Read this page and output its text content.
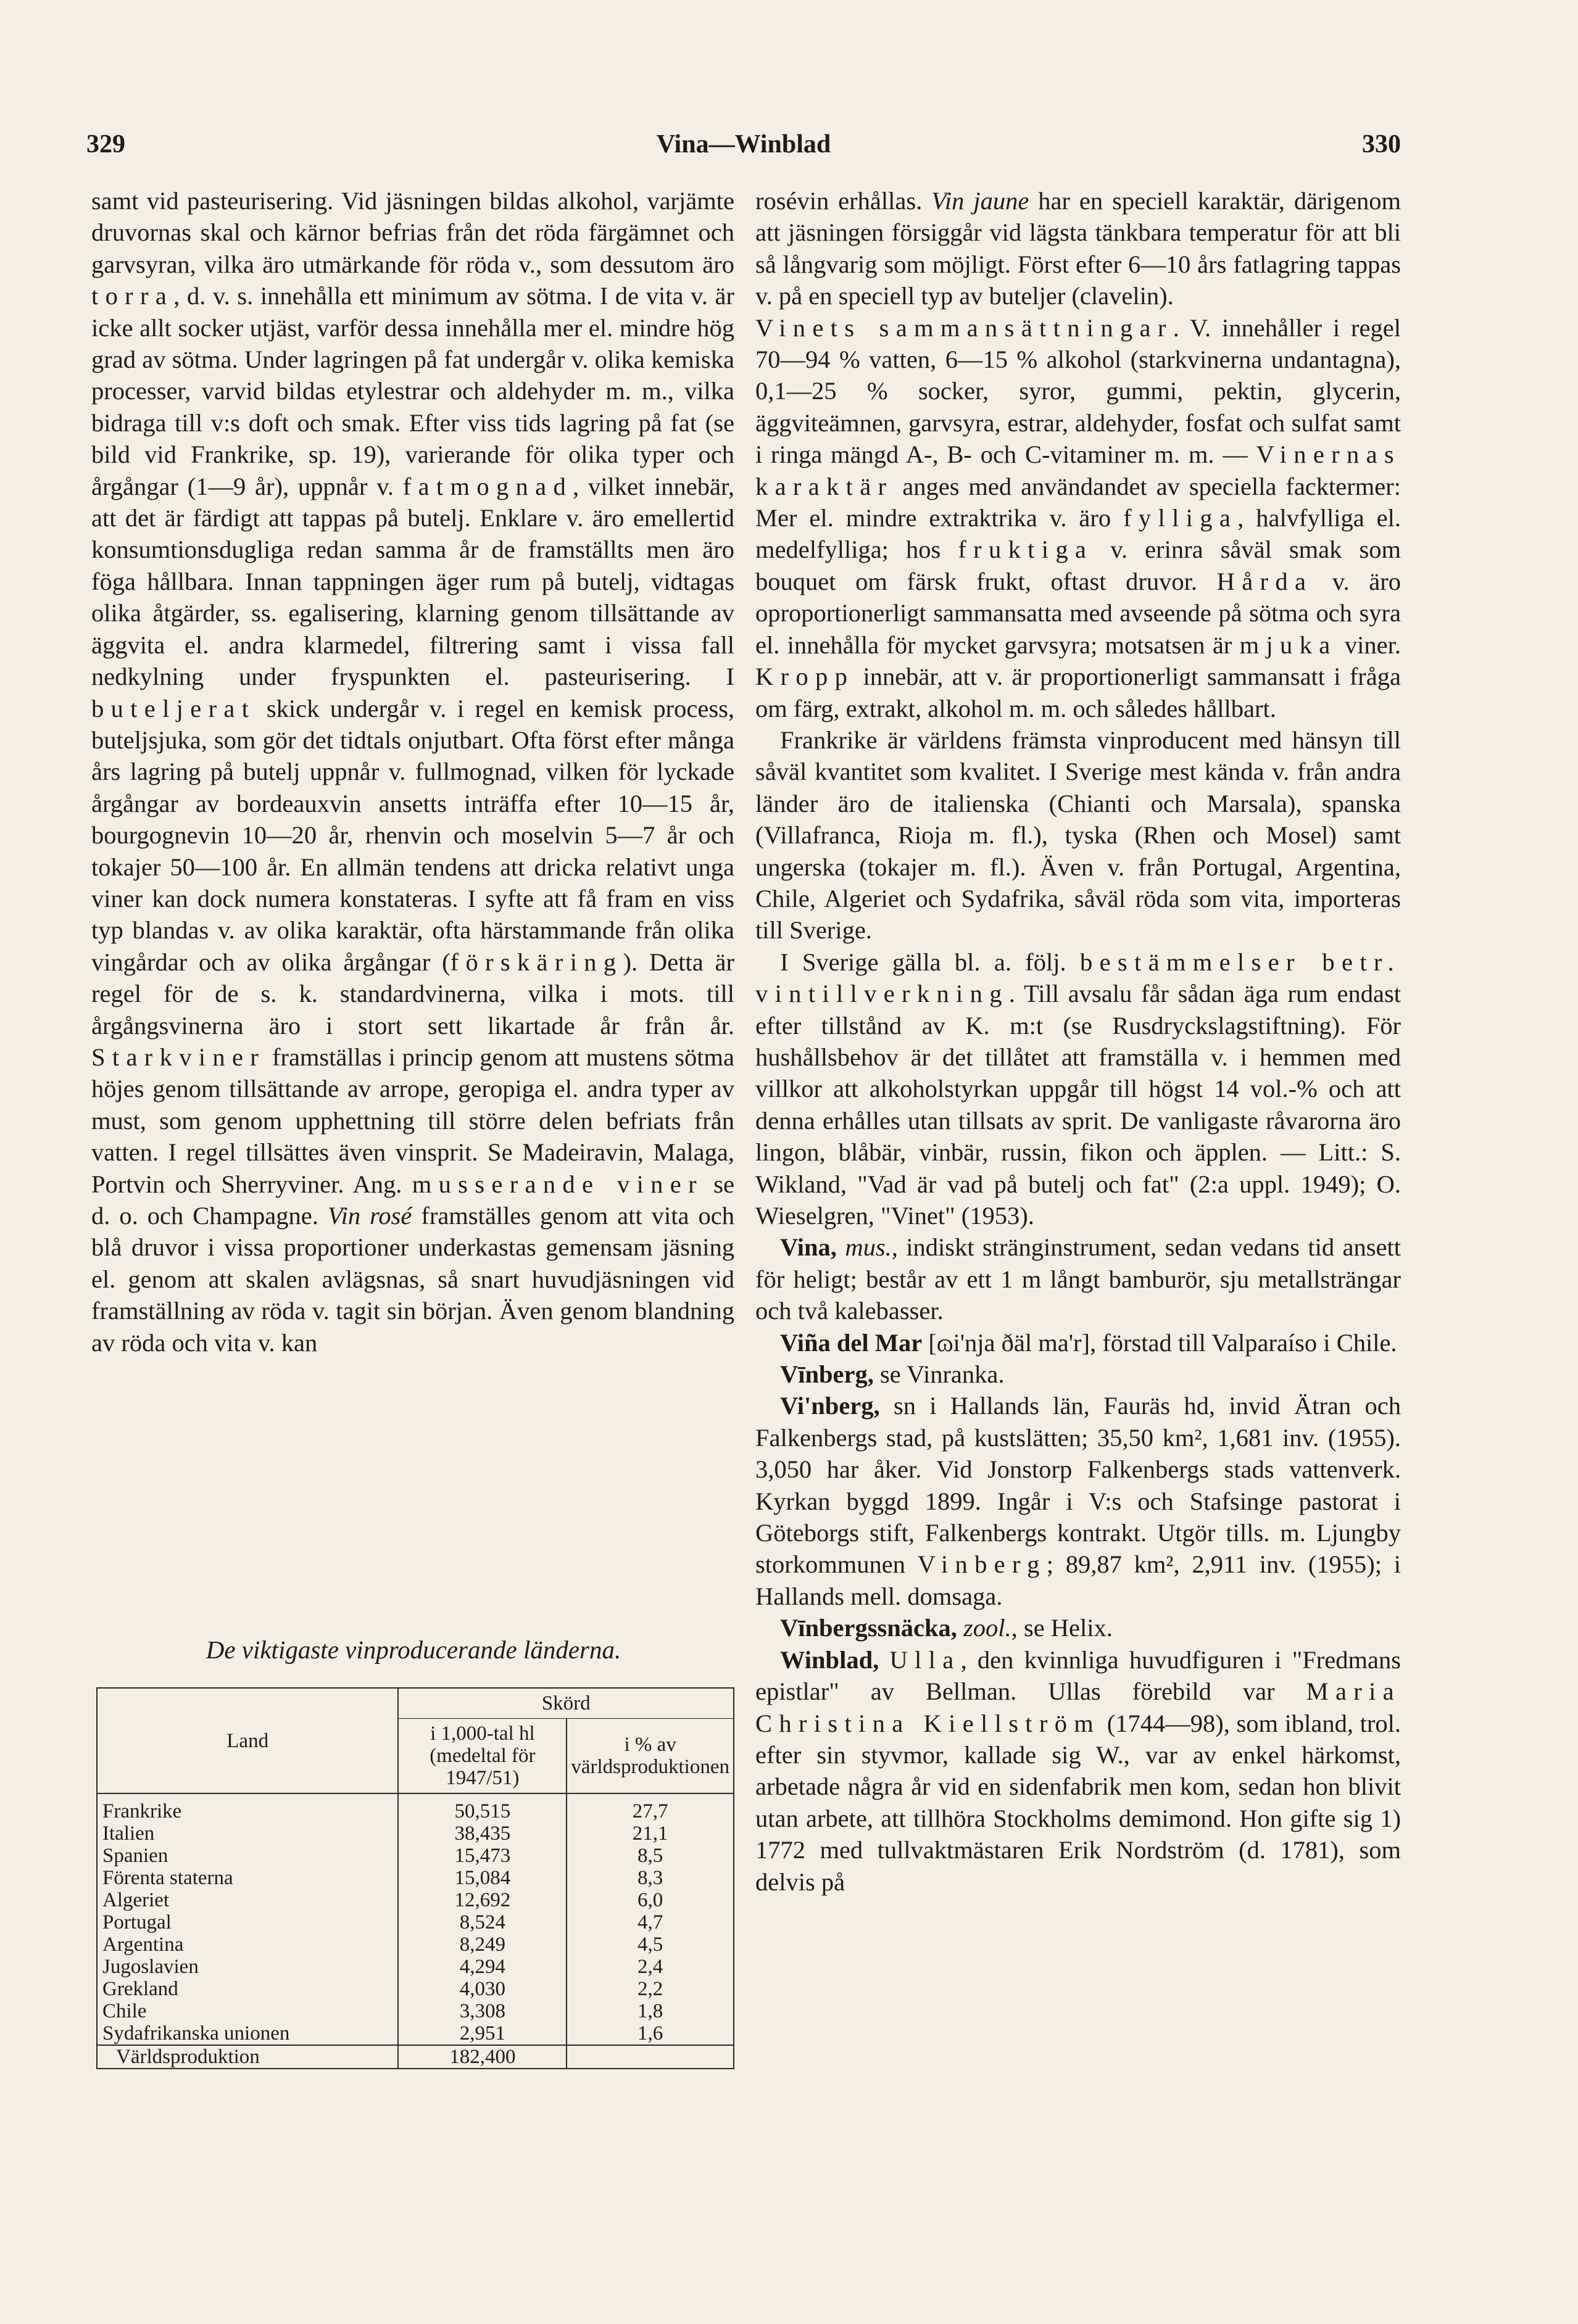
329	Vina—Winblad	330

samt vid pasteurisering. Vid jäsningen bildas alkohol, varjämte druvornas skal och kärnor befrias från det röda färgämnet och garvsyran, vilka äro utmärkande för röda v., som dessutom äro torra, d. v. s. innehålla ett minimum av sötma. I de vita v. är icke allt socker utjäst, varför dessa innehålla mer el. mindre hög grad av sötma. Under lagringen på fat undergår v. olika kemiska processer, varvid bildas etylestrar och aldehyder m. m., vilka bidraga till v:s doft och smak. Efter viss tids lagring på fat (se bild vid Frankrike, sp. 19), varierande för olika typer och årgångar (1—9 år), uppnår v. fatmognad, vilket innebär, att det är färdigt att tappas på butelj. Enklare v. äro emellertid konsumtionsdugliga redan samma år de framställts men äro föga hållbara. Innan tappningen äger rum på butelj, vidtagas olika åtgärder, ss. egalisering, klarning genom tillsättande av äggvita el. andra klarmedel, filtrering samt i vissa fall nedkylning under fryspunkten el. pasteurisering. I buteljerat skick undergår v. i regel en kemisk process, buteljsjuka, som gör det tidtals onjutbart. Ofta först efter många års lagring på butelj uppnår v. fullmognad, vilken för lyckade årgångar av bordeauxvin ansetts inträffa efter 10—15 år, bourgognevin 10—20 år, rhenvin och moselvin 5—7 år och tokajer 50—100 år. En allmän tendens att dricka relativt unga viner kan dock numera konstateras. I syfte att få fram en viss typ blandas v. av olika karaktär, ofta härstammande från olika vingårdar och av olika årgångar (förskäring). Detta är regel för de s. k. standardvinerna, vilka i mots. till årgångsvinerna äro i stort sett likartade år från år. Starkviner framställas i princip genom att mustens sötma höjes genom tillsättande av arrope, geropiga el. andra typer av must, som genom upphettning till större delen befriats från vatten. I regel tillsättes även vinsprit. Se Madeiravin, Malaga, Portvin och Sherryviner. Ang. musserande viner se d. o. och Champagne. Vin rosé framställes genom att vita och blå druvor i vissa proportioner underkastas gemensam jäsning el. genom att skalen avlägsnas, så snart huvudjäsningen vid framställning av röda v. tagit sin början. Även genom blandning av röda och vita v. kan

De viktigaste vinproducerande länderna.
Land	Skörd	
	i 1,000-tal hl (medeltal för 1947/51)	i % av världsproduktionen

Frankrike	50,515	27,7
Italien	38,435	21,1
Spanien	15,473	8,5
Förenta staterna	15,084	8,3
Algeriet	12,692	6,0
Portugal	8,524	4,7
Argentina	8,249	4,5
Jugoslavien	4,294	2,4
Grekland	4,030	2,2
Chile	3,308	1,8
Sydafrikanska unionen	2,951	1,6
Världsproduktion	182,400	

rosévin erhållas. Vin jaune har en speciell karaktär, därigenom att jäsningen försiggår vid lägsta tänkbara temperatur för att bli så långvarig som möjligt. Först efter 6—10 års fatlagring tappas v. på en speciell typ av buteljer (clavelin).

Vinets sammansättningar. V. innehåller i regel 70—94 % vatten, 6—15 % alkohol (starkvinerna undantagna), 0,1—25 % socker, syror, gummi, pektin, glycerin, äggviteämnen, garvsyra, estrar, aldehyder, fosfat och sulfat samt i ringa mängd A-, B- och C-vitaminer m. m. — Vinernas karaktär anges med användandet av speciella facktermer: Mer el. mindre extraktrika v. äro fylliga, halvfylliga el. medelfylliga; hos fruktiga v. erinra såväl smak som bouquet om färsk frukt, oftast druvor. Hårda v. äro oproportionerligt sammansatta med avseende på sötma och syra el. innehålla för mycket garvsyra; motsatsen är mjuka viner. Kropp innebär, att v. är proportionerligt sammansatt i fråga om färg, extrakt, alkohol m. m. och således hållbart.

Frankrike är världens främsta vinproducent med hänsyn till såväl kvantitet som kvalitet. I Sverige mest kända v. från andra länder äro de italienska (Chianti och Marsala), spanska (Villafranca, Rioja m. fl.), tyska (Rhen och Mosel) samt ungerska (tokajer m. fl.). Även v. från Portugal, Argentina, Chile, Algeriet och Sydafrika, såväl röda som vita, importeras till Sverige.

I Sverige gälla bl. a. följ. bestämmelser betr. vintillverkning. Till avsalu får sådan äga rum endast efter tillstånd av K. m:t (se Rusdryckslagstiftning). För hushållsbehov är det tillåtet att framställa v. i hemmen med villkor att alkoholstyrkan uppgår till högst 14 vol.-% och att denna erhålles utan tillsats av sprit. De vanligaste råvarorna äro lingon, blåbär, vinbär, russin, fikon och äpplen. — Litt.: S. Wikland, "Vad är vad på butelj och fat" (2:a uppl. 1949); O. Wieselgren, "Vinet" (1953).

Vina, mus., indiskt stränginstrument, sedan vedans tid ansett för heligt; består av ett 1 m långt bamburör, sju metallsträngar och två kalebasser.

Viña del Mar [ɷi'nja ðäl ma'r], förstad till Valparaíso i Chile.

Vīnberg, se Vinranka.

Vi'nberg, sn i Hallands län, Fauräs hd, invid Ätran och Falkenbergs stad, på kustslätten; 35,50 km², 1,681 inv. (1955). 3,050 har åker. Vid Jonstorp Falkenbergs stads vattenverk. Kyrkan byggd 1899. Ingår i V:s och Stafsinge pastorat i Göteborgs stift, Falkenbergs kontrakt. Utgör tills. m. Ljungby storkommunen Vinberg; 89,87 km², 2,911 inv. (1955); i Hallands mell. domsaga.

Vīnbergssnäcka, zool., se Helix.

Winblad, Ulla, den kvinnliga huvudfiguren i "Fredmans epistlar" av Bellman. Ullas förebild var Maria Christina Kiellström (1744—98), som ibland, trol. efter sin styvmor, kallade sig W., var av enkel härkomst, arbetade några år vid en sidenfabrik men kom, sedan hon blivit utan arbete, att tillhöra Stockholms demimond. Hon gifte sig 1) 1772 med tullvaktmästaren Erik Nordström (d. 1781), som delvis på
